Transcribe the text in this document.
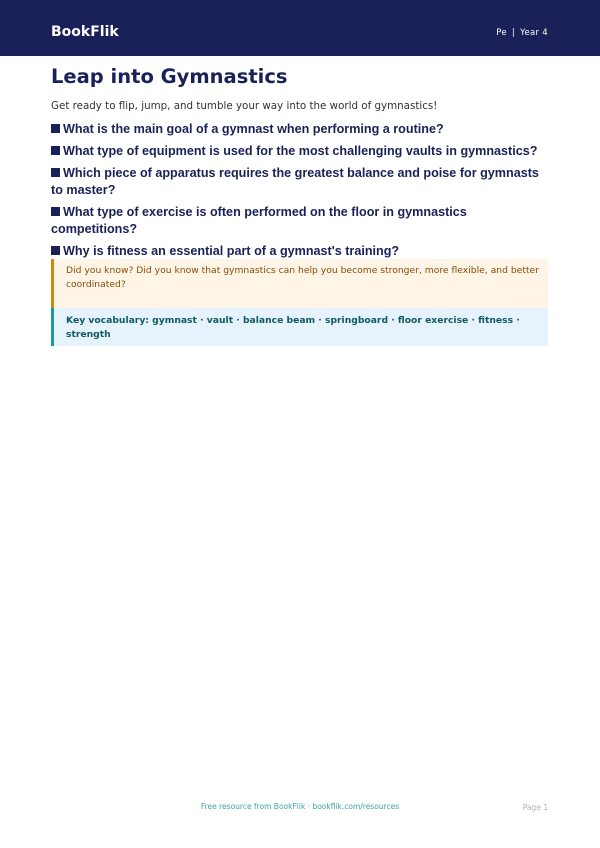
BookFlik	Pe | Year 4
Leap into Gymnastics
Get ready to flip, jump, and tumble your way into the world of gymnastics!
What is the main goal of a gymnast when performing a routine?
What type of equipment is used for the most challenging vaults in gymnastics?
Which piece of apparatus requires the greatest balance and poise for gymnasts to master?
What type of exercise is often performed on the floor in gymnastics competitions?
Why is fitness an essential part of a gymnast's training?
Did you know? Did you know that gymnastics can help you become stronger, more flexible, and better coordinated?
Key vocabulary: gymnast · vault · balance beam · springboard · floor exercise · fitness · strength
Free resource from BookFlik · bookflik.com/resources	Page 1
